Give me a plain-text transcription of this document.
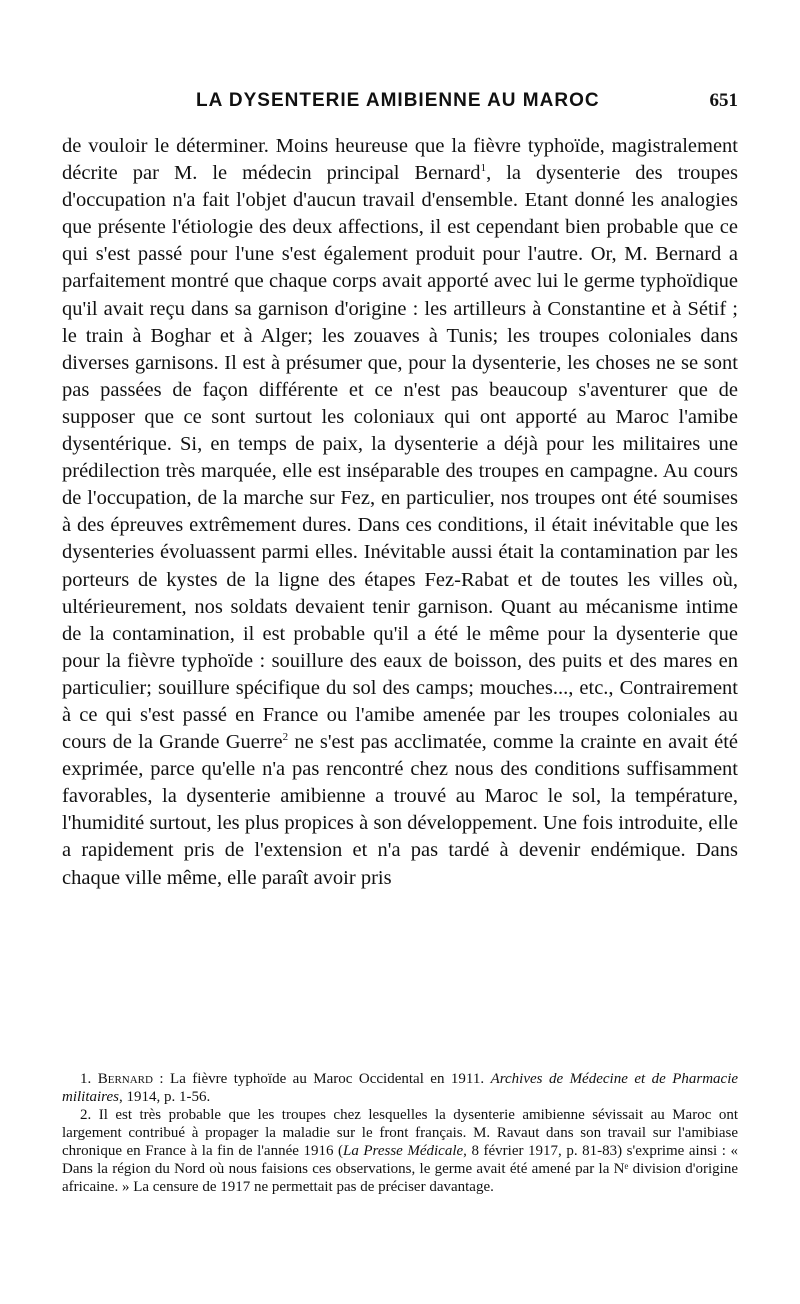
LA DYSENTERIE AMIBIENNE AU MAROC	651

de vouloir le déterminer. Moins heureuse que la fièvre typhoïde, magistralement décrite par M. le médecin principal Bernard$^1$, la dysenterie des troupes d'occupation n'a fait l'objet d'aucun travail d'ensemble. Etant donné les analogies que présente l'étiologie des deux affections, il est cependant bien probable que ce qui s'est passé pour l'une s'est également produit pour l'autre. Or, M. Bernard a parfaitement montré que chaque corps avait apporté avec lui le germe typhoïdique qu'il avait reçu dans sa garnison d'origine : les artilleurs à Constantine et à Sétif ; le train à Boghar et à Alger; les zouaves à Tunis; les troupes coloniales dans diverses garnisons. Il est à présumer que, pour la dysenterie, les choses ne se sont pas passées de façon différente et ce n'est pas beaucoup s'aventurer que de supposer que ce sont surtout les coloniaux qui ont apporté au Maroc l'amibe dysentérique. Si, en temps de paix, la dysenterie a déjà pour les militaires une prédilection très marquée, elle est inséparable des troupes en campagne. Au cours de l'occupation, de la marche sur Fez, en particulier, nos troupes ont été soumises à des épreuves extrêmement dures. Dans ces conditions, il était inévitable que les dysenteries évoluassent parmi elles. Inévitable aussi était la contamination par les porteurs de kystes de la ligne des étapes Fez-Rabat et de toutes les villes où, ultérieurement, nos soldats devaient tenir garnison. Quant au mécanisme intime de la contamination, il est probable qu'il a été le même pour la dysenterie que pour la fièvre typhoïde : souillure des eaux de boisson, des puits et des mares en particulier; souillure spécifique du sol des camps; mouches..., etc., Contrairement à ce qui s'est passé en France ou l'amibe amenée par les troupes coloniales au cours de la Grande Guerre$^2$ ne s'est pas acclimatée, comme la crainte en avait été exprimée, parce qu'elle n'a pas rencontré chez nous des conditions suffisamment favorables, la dysenterie amibienne a trouvé au Maroc le sol, la température, l'humidité surtout, les plus propices à son développement. Une fois introduite, elle a rapidement pris de l'extension et n'a pas tardé à devenir endémique. Dans chaque ville même, elle paraît avoir pris

1. Bernard : La fièvre typhoïde au Maroc Occidental en 1911. Archives de Médecine et de Pharmacie militaires, 1914, p. 1-56.

2. Il est très probable que les troupes chez lesquelles la dysenterie amibienne sévissait au Maroc ont largement contribué à propager la maladie sur le front français. M. Ravaut dans son travail sur l'amibiase chronique en France à la fin de l'année 1916 (La Presse Médicale, 8 février 1917, p. 81-83) s'exprime ainsi : « Dans la région du Nord où nous faisions ces observations, le germe avait été amené par la Nᵉ division d'origine africaine. » La censure de 1917 ne permettait pas de préciser davantage.
